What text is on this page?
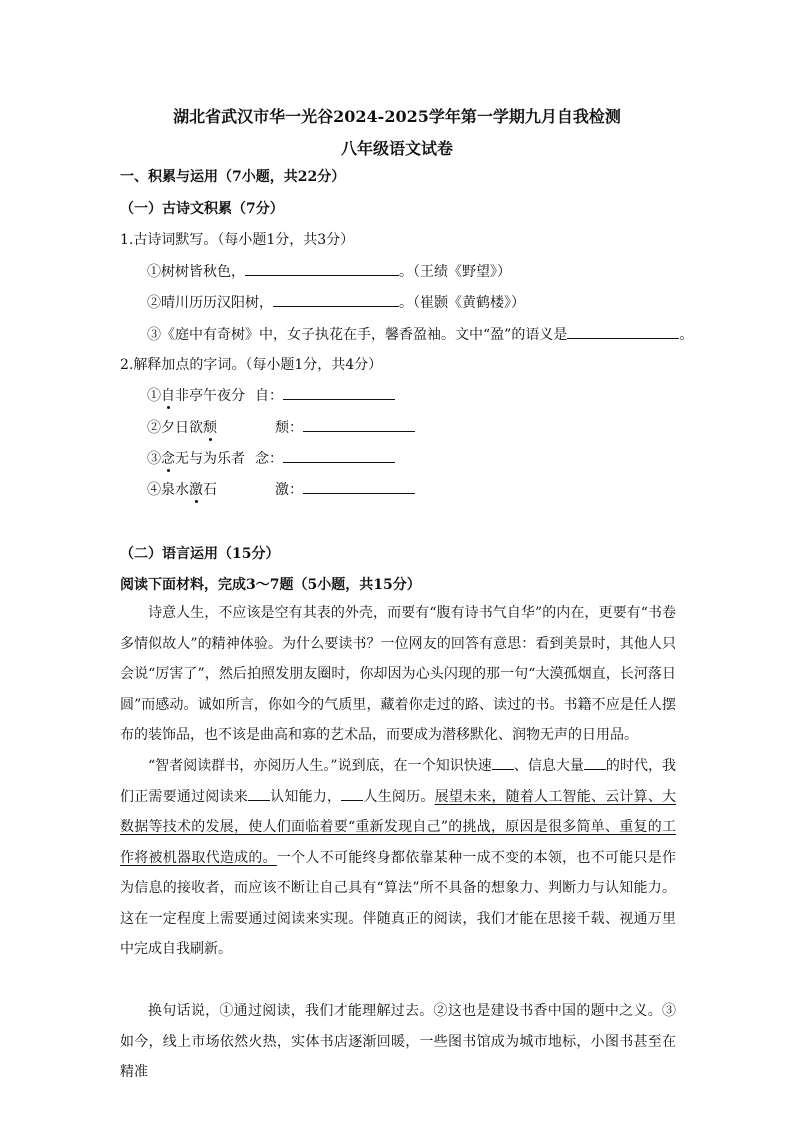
湖北省武汉市华一光谷2024-2025学年第一学期九月自我检测
八年级语文试卷
一、积累与运用（7小题，共22分）
（一）古诗文积累（7分）
1.古诗词默写。（每小题1分，共3分）
①树树皆秋色，	。（王绩《野望》）
②晴川历历汉阳树，	。（崔颢《黄鹤楼》）
③《庭中有奇树》中，女子执花在手，馨香盈袖。文中“盈”的语义是	。
2.解释加点的字词。（每小题1分，共4分）
①自非亭午夜分 自：
②夕日欲颓	颓：
③念无与为乐者 念：
④泉水激石	激：
（二）语言运用（15分）
阅读下面材料，完成3～7题（5小题，共15分）

诗意人生，不应该是空有其表的外壳，而要有“腹有诗书气自华”的内在，更要有“书卷多情似故人”的精神体验。为什么要读书？一位网友的回答有意思：看到美景时，其他人只会说“厉害了”，然后拍照发朋友圈时，你却因为心头闪现的那一句“大漠孤烟直，长河落日圆”而感动。诚如所言，你如今的气质里，藏着你走过的路、读过的书。书籍不应是任人摆布的装饰品，也不该是曲高和寡的艺术品，而要成为潜移默化、润物无声的日用品。

“智者阅读群书，亦阅历人生。”说到底，在一个知识快速 、信息大量 的时代，我们正需要通过阅读来 认知能力， 人生阅历。展望未来，随着人工智能、云计算、大数据等技术的发展，使人们面临着要“重新发现自己”的挑战，原因是很多简单、重复的工作将被机器取代造成的。一个人不可能终身都依靠某种一成不变的本领，也不可能只是作为信息的接收者，而应该不断让自己具有“算法”所不具备的想象力、判断力与认知能力。这在一定程度上需要通过阅读来实现。伴随真正的阅读，我们才能在思接千载、视通万里中完成自我刷新。

换句话说，①通过阅读，我们才能理解过去。②这也是建设书香中国的题中之义。③如今，线上市场依然火热，实体书店逐渐回暖，一些图书馆成为城市地标，小图书甚至在精准
